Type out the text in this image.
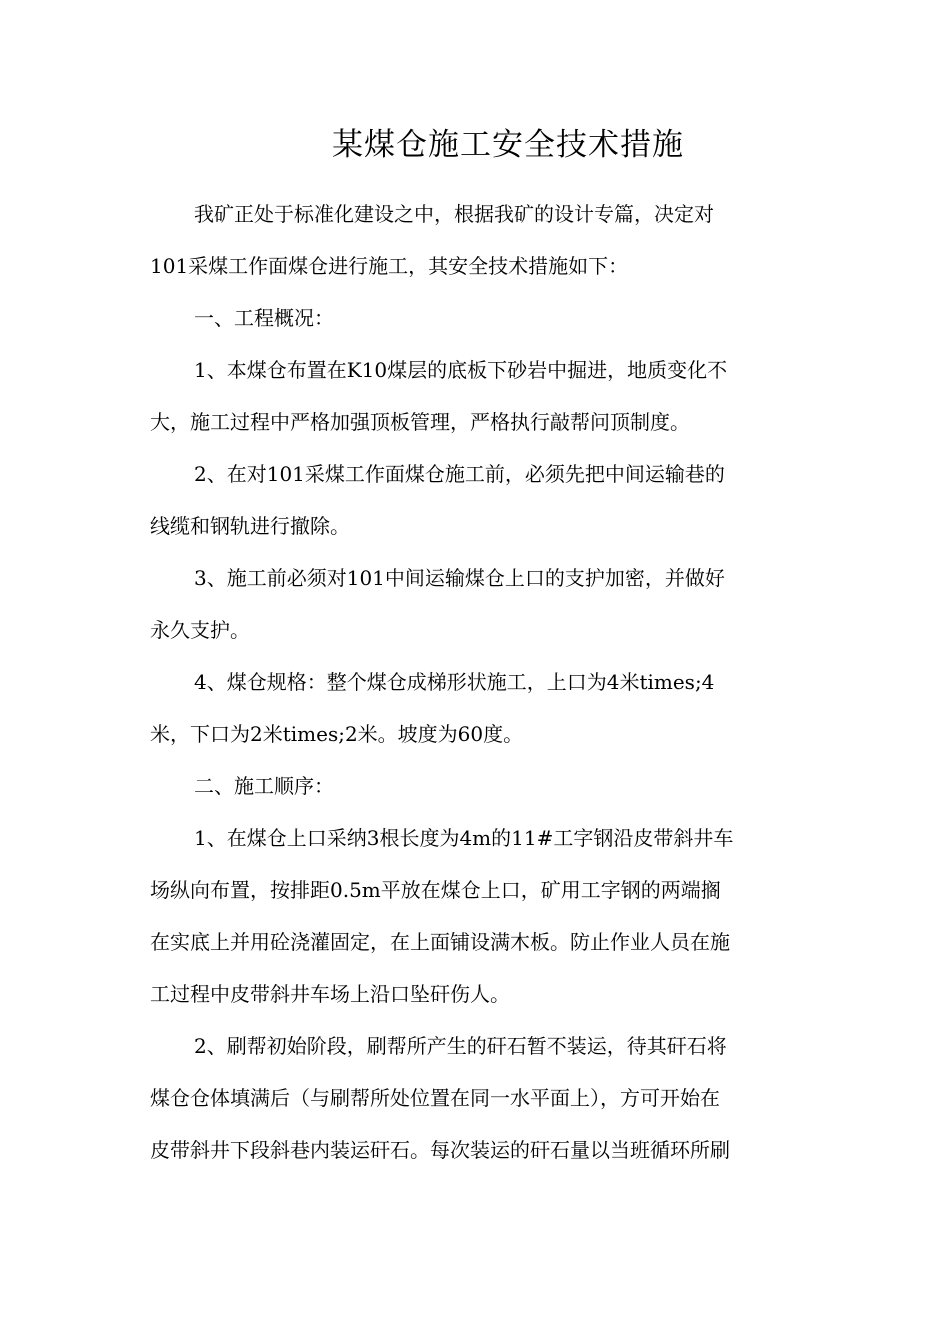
某煤仓施工安全技术措施
我矿正处于标准化建设之中，根据我矿的设计专篇，决定对
101采煤工作面煤仓进行施工，其安全技术措施如下：
一、工程概况：
1、本煤仓布置在K10煤层的底板下砂岩中掘进，地质变化不
大，施工过程中严格加强顶板管理，严格执行敲帮问顶制度。
2、在对101采煤工作面煤仓施工前，必须先把中间运输巷的
线缆和钢轨进行撤除。
3、施工前必须对101中间运输煤仓上口的支护加密，并做好
永久支护。
4、煤仓规格：整个煤仓成梯形状施工，上口为4米times;4
米，下口为2米times;2米。坡度为60度。
二、施工顺序：
1、在煤仓上口采纳3根长度为4m的11#工字钢沿皮带斜井车
场纵向布置，按排距0.5m平放在煤仓上口，矿用工字钢的两端搁
在实底上并用砼浇灌固定，在上面铺设满木板。防止作业人员在施
工过程中皮带斜井车场上沿口坠矸伤人。
2、刷帮初始阶段，刷帮所产生的矸石暂不装运，待其矸石将
煤仓仓体填满后（与刷帮所处位置在同一水平面上），方可开始在
皮带斜井下段斜巷内装运矸石。每次装运的矸石量以当班循环所刷
